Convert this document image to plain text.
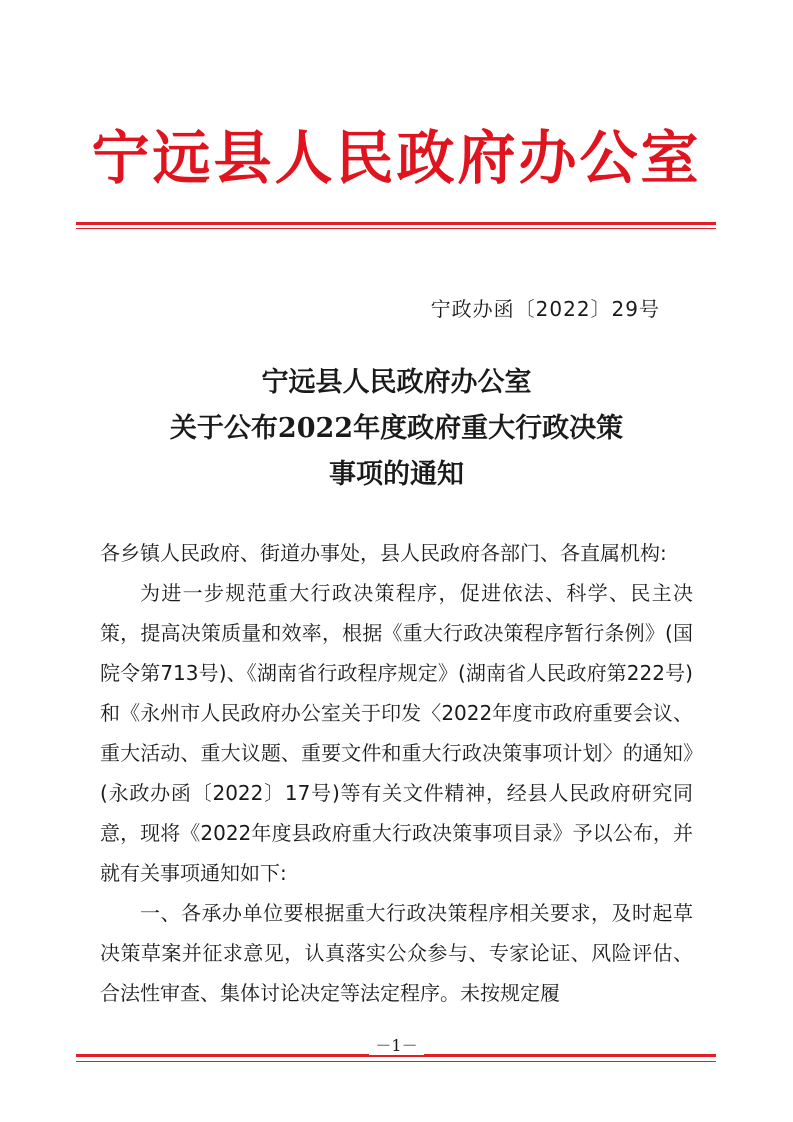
宁远县人民政府办公室
宁政办函〔2022〕29号
宁远县人民政府办公室
关于公布2022年度政府重大行政决策
事项的通知
各乡镇人民政府、街道办事处，县人民政府各部门、各直属机构:

为进一步规范重大行政决策程序，促进依法、科学、民主决策，提高决策质量和效率，根据《重大行政决策程序暂行条例》(国院令第713号)、《湖南省行政程序规定》(湖南省人民政府第222号)和《永州市人民政府办公室关于印发〈2022年度市政府重要会议、重大活动、重大议题、重要文件和重大行政决策事项计划〉的通知》(永政办函〔2022〕17号)等有关文件精神，经县人民政府研究同意，现将《2022年度县政府重大行政决策事项目录》予以公布，并就有关事项通知如下:

一、各承办单位要根据重大行政决策程序相关要求，及时起草决策草案并征求意见，认真落实公众参与、专家论证、风险评估、合法性审查、集体讨论决定等法定程序。未按规定履

－1－
